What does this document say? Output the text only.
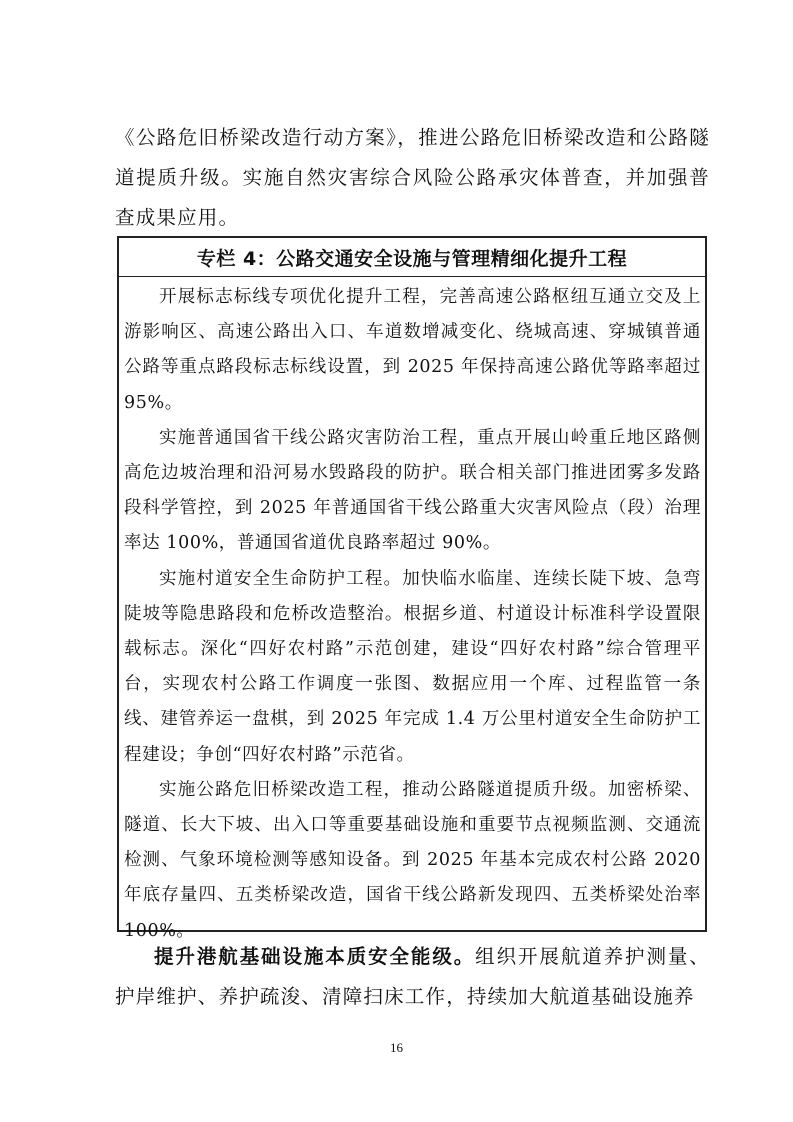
《公路危旧桥梁改造行动方案》，推进公路危旧桥梁改造和公路隧道提质升级。实施自然灾害综合风险公路承灾体普查，并加强普查成果应用。

专栏 4：公路交通安全设施与管理精细化提升工程

开展标志标线专项优化提升工程，完善高速公路枢纽互通立交及上游影响区、高速公路出入口、车道数增减变化、绕城高速、穿城镇普通公路等重点路段标志标线设置，到 2025 年保持高速公路优等路率超过 95%。

实施普通国省干线公路灾害防治工程，重点开展山岭重丘地区路侧高危边坡治理和沿河易水毁路段的防护。联合相关部门推进团雾多发路段科学管控，到 2025 年普通国省干线公路重大灾害风险点（段）治理率达 100%，普通国省道优良路率超过 90%。

实施村道安全生命防护工程。加快临水临崖、连续长陡下坡、急弯陡坡等隐患路段和危桥改造整治。根据乡道、村道设计标准科学设置限载标志。深化“四好农村路”示范创建，建设“四好农村路”综合管理平台，实现农村公路工作调度一张图、数据应用一个库、过程监管一条线、建管养运一盘棋，到 2025 年完成 1.4 万公里村道安全生命防护工程建设；争创“四好农村路”示范省。

实施公路危旧桥梁改造工程，推动公路隧道提质升级。加密桥梁、隧道、长大下坡、出入口等重要基础设施和重要节点视频监测、交通流检测、气象环境检测等感知设备。到 2025 年基本完成农村公路 2020 年底存量四、五类桥梁改造，国省干线公路新发现四、五类桥梁处治率 100%。

提升港航基础设施本质安全能级。组织开展航道养护测量、护岸维护、养护疏浚、清障扫床工作，持续加大航道基础设施养

16
